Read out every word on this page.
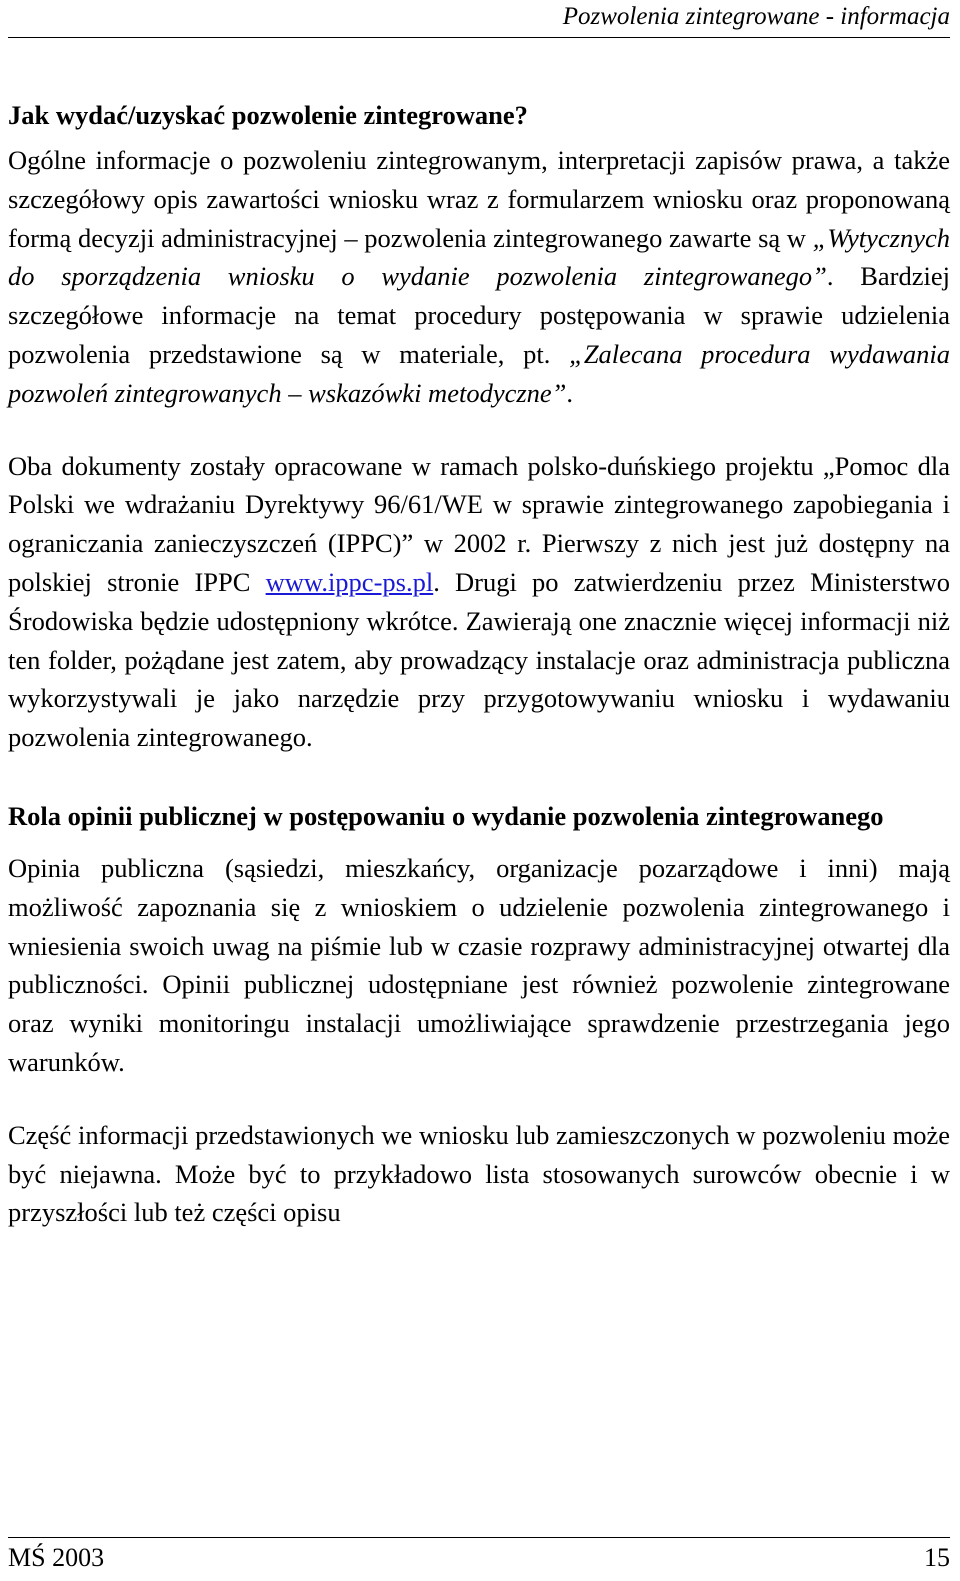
Pozwolenia zintegrowane - informacja
Jak wydać/uzyskać pozwolenie zintegrowane?

Ogólne informacje o pozwoleniu zintegrowanym, interpretacji zapisów prawa, a także szczegółowy opis zawartości wniosku wraz z formularzem wniosku oraz proponowaną formą decyzji administracyjnej – pozwolenia zintegrowanego zawarte są w „Wytycznych do sporządzenia wniosku o wydanie pozwolenia zintegrowanego”. Bardziej szczegółowe informacje na temat procedury postępowania w sprawie udzielenia pozwolenia przedstawione są w materiale, pt. „Zalecana procedura wydawania pozwoleń zintegrowanych – wskazówki metodyczne”.

Oba dokumenty zostały opracowane w ramach polsko-duńskiego projektu „Pomoc dla Polski we wdrażaniu Dyrektywy 96/61/WE w sprawie zintegrowanego zapobiegania i ograniczania zanieczyszczeń (IPPC)” w 2002 r. Pierwszy z nich jest już dostępny na polskiej stronie IPPC www.ippc-ps.pl. Drugi po zatwierdzeniu przez Ministerstwo Środowiska będzie udostępniony wkrótce. Zawierają one znacznie więcej informacji niż ten folder, pożądane jest zatem, aby prowadzący instalacje oraz administracja publiczna wykorzystywali je jako narzędzie przy przygotowywaniu wniosku i wydawaniu pozwolenia zintegrowanego.

Rola opinii publicznej w postępowaniu o wydanie pozwolenia zintegrowanego

Opinia publiczna (sąsiedzi, mieszkańcy, organizacje pozarządowe i inni) mają możliwość zapoznania się z wnioskiem o udzielenie pozwolenia zintegrowanego i wniesienia swoich uwag na piśmie lub w czasie rozprawy administracyjnej otwartej dla publiczności. Opinii publicznej udostępniane jest również pozwolenie zintegrowane oraz wyniki monitoringu instalacji umożliwiające sprawdzenie przestrzegania jego warunków.

Część informacji przedstawionych we wniosku lub zamieszczonych w pozwoleniu może być niejawna. Może być to przykładowo lista stosowanych surowców obecnie i w przyszłości lub też części opisu

MŚ 2003	15
